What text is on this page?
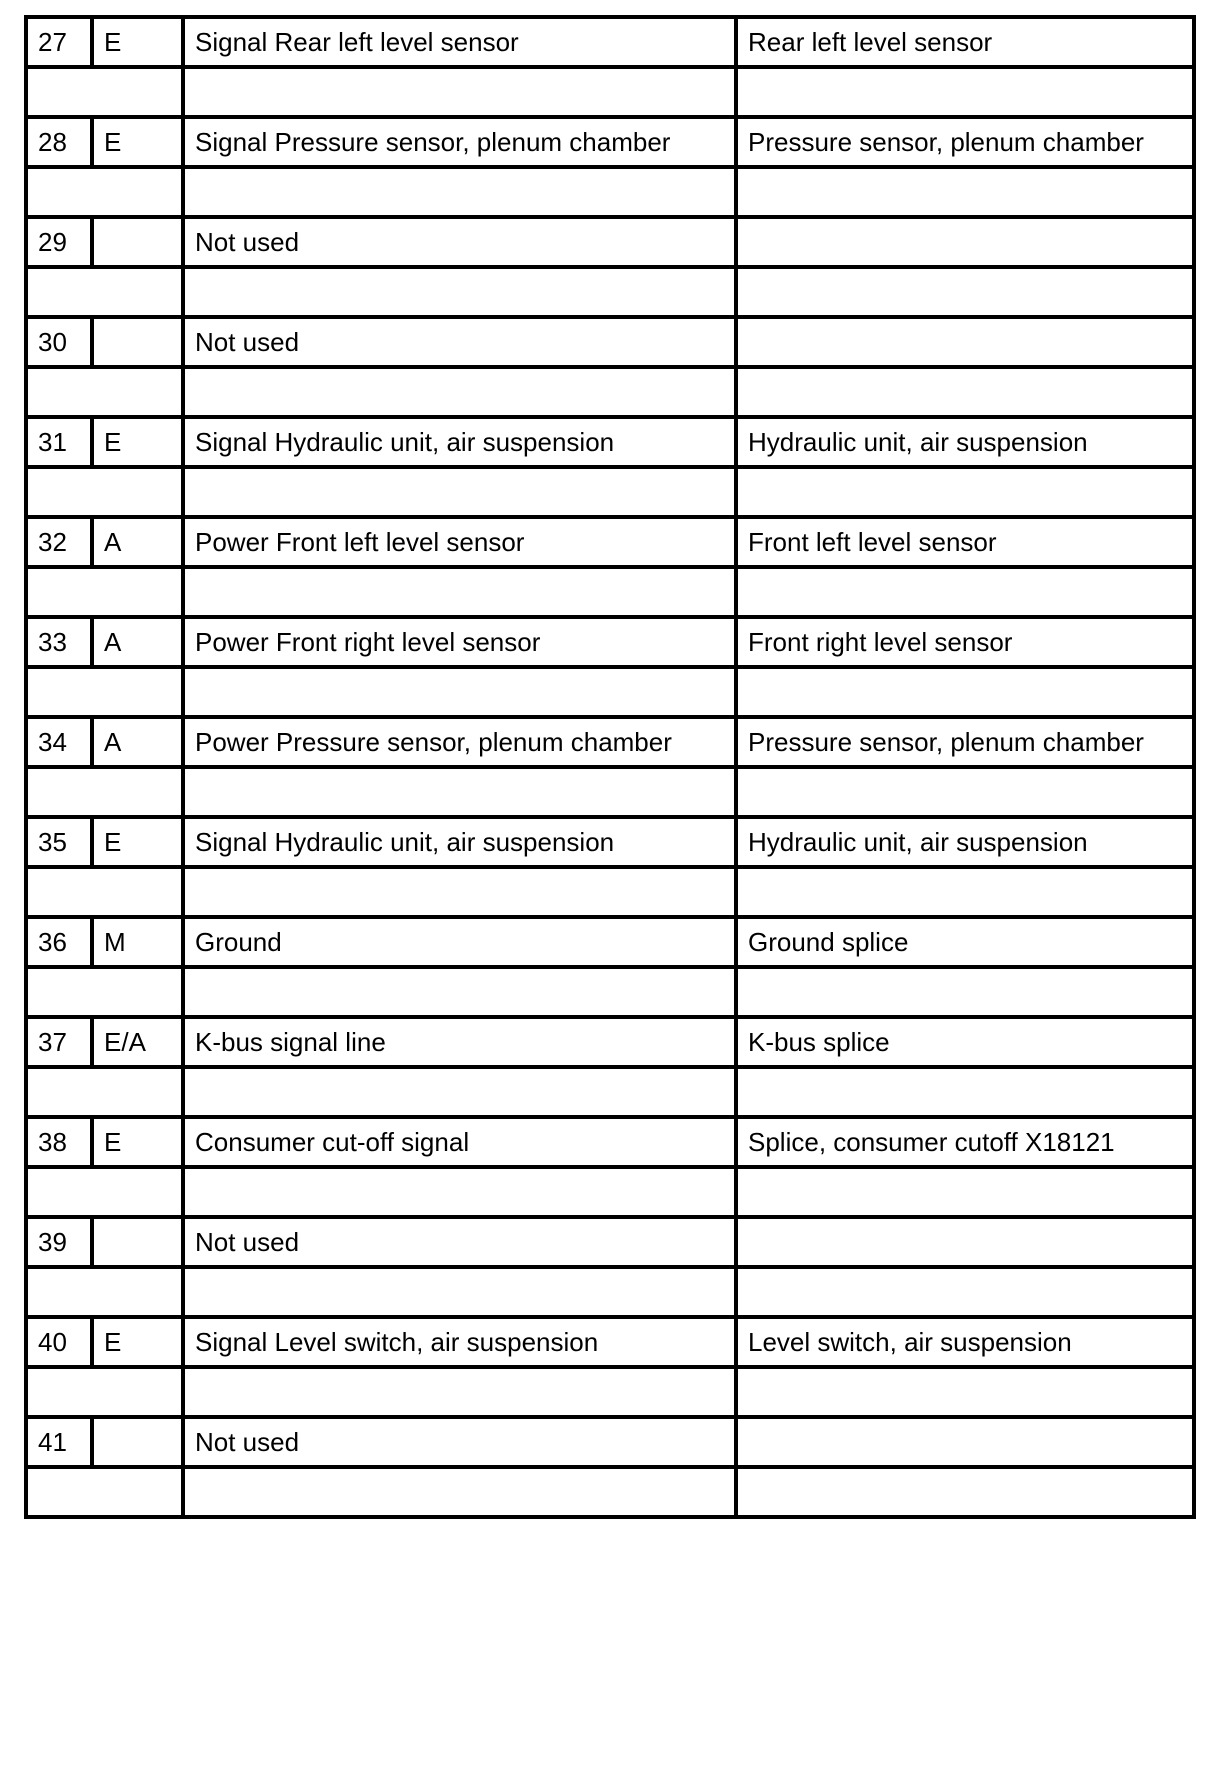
27	E	Signal Rear left level sensor	Rear left level sensor

28	E	Signal Pressure sensor, plenum chamber	Pressure sensor, plenum chamber

29		Not used	

30		Not used	

31	E	Signal Hydraulic unit, air suspension	Hydraulic unit, air suspension

32	A	Power Front left level sensor	Front left level sensor

33	A	Power Front right level sensor	Front right level sensor

34	A	Power Pressure sensor, plenum chamber	Pressure sensor, plenum chamber

35	E	Signal Hydraulic unit, air suspension	Hydraulic unit, air suspension

36	M	Ground	Ground splice

37	E/A	K-bus signal line	K-bus splice

38	E	Consumer cut-off signal	Splice, consumer cutoff X18121

39		Not used	

40	E	Signal Level switch, air suspension	Level switch, air suspension

41		Not used	
